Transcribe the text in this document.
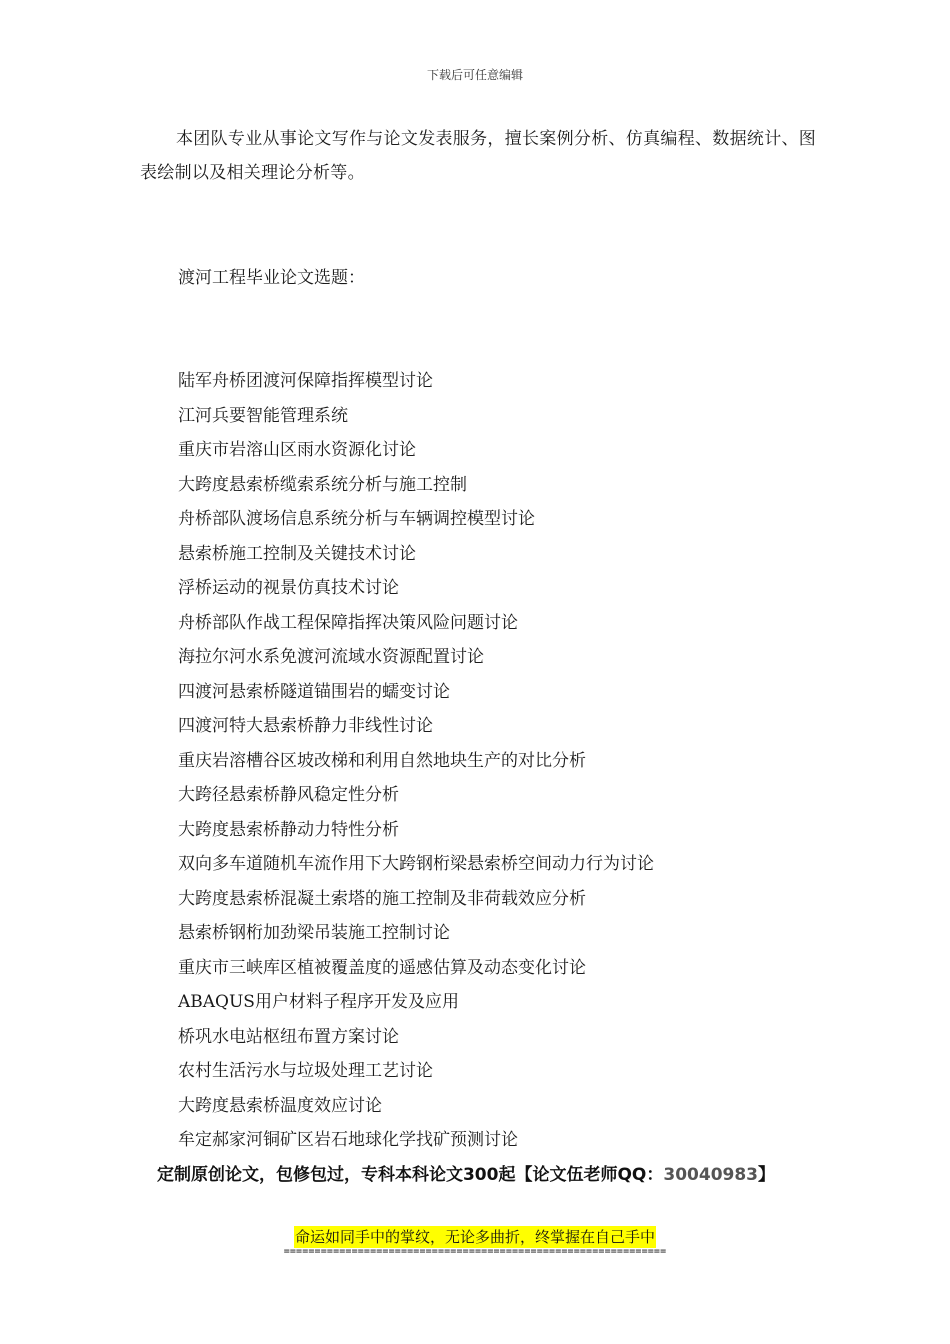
下载后可任意编辑
本团队专业从事论文写作与论文发表服务，擅长案例分析、仿真编程、数据统计、图表绘制以及相关理论分析等。
渡河工程毕业论文选题：
陆军舟桥团渡河保障指挥模型讨论
江河兵要智能管理系统
重庆市岩溶山区雨水资源化讨论
大跨度悬索桥缆索系统分析与施工控制
舟桥部队渡场信息系统分析与车辆调控模型讨论
悬索桥施工控制及关键技术讨论
浮桥运动的视景仿真技术讨论
舟桥部队作战工程保障指挥决策风险问题讨论
海拉尔河水系免渡河流域水资源配置讨论
四渡河悬索桥隧道锚围岩的蠕变讨论
四渡河特大悬索桥静力非线性讨论
重庆岩溶槽谷区坡改梯和利用自然地块生产的对比分析
大跨径悬索桥静风稳定性分析
大跨度悬索桥静动力特性分析
双向多车道随机车流作用下大跨钢桁梁悬索桥空间动力行为讨论
大跨度悬索桥混凝土索塔的施工控制及非荷载效应分析
悬索桥钢桁加劲梁吊装施工控制讨论
重庆市三峡库区植被覆盖度的遥感估算及动态变化讨论
ABAQUS用户材料子程序开发及应用
桥巩水电站枢纽布置方案讨论
农村生活污水与垃圾处理工艺讨论
大跨度悬索桥温度效应讨论
牟定郝家河铜矿区岩石地球化学找矿预测讨论
定制原创论文，包修包过，专科本科论文300起【论文伍老师QQ：30040983】
命运如同手中的掌纹，无论多曲折，终掌握在自己手中
==============================================================
